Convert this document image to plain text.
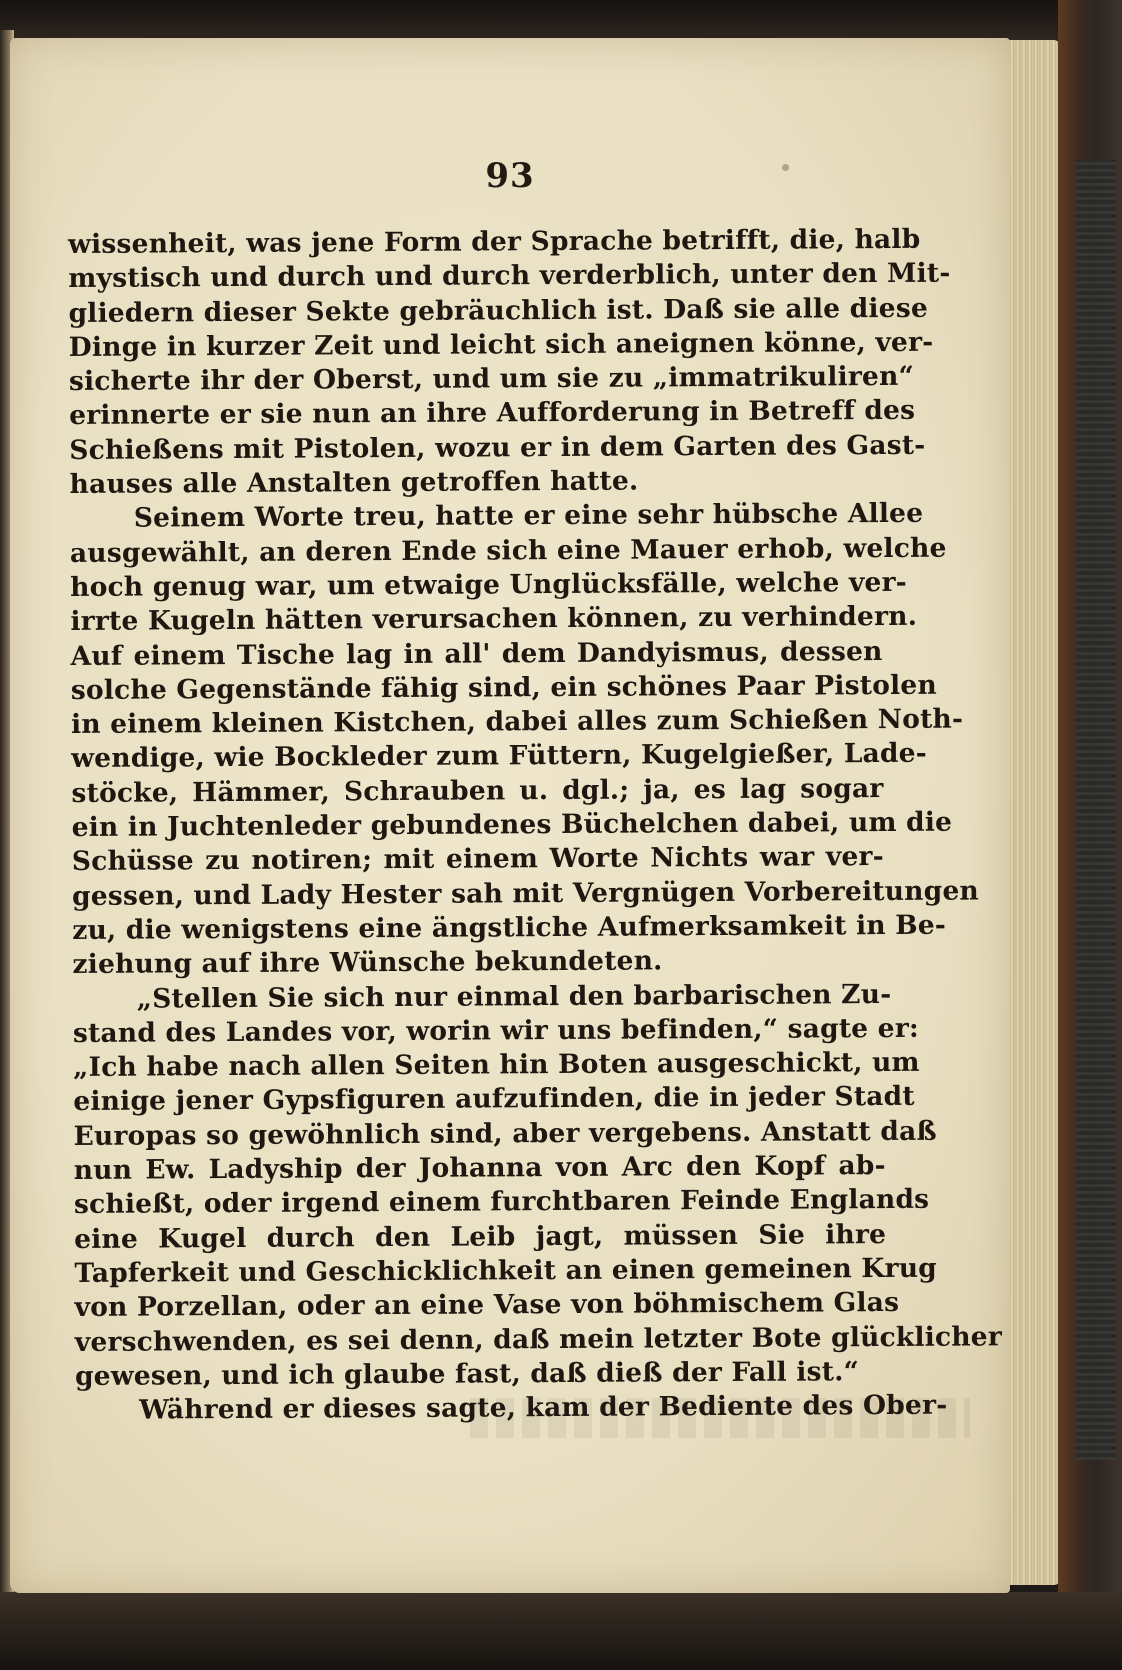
93
wissenheit, was jene Form der Sprache betrifft, die, halb
mystisch und durch und durch verderblich, unter den Mit-
gliedern dieser Sekte gebräuchlich ist. Daß sie alle diese
Dinge in kurzer Zeit und leicht sich aneignen könne, ver-
sicherte ihr der Oberst, und um sie zu „immatrikuliren“
erinnerte er sie nun an ihre Aufforderung in Betreff des
Schießens mit Pistolen, wozu er in dem Garten des Gast-
hauses alle Anstalten getroffen hatte.
Seinem Worte treu, hatte er eine sehr hübsche Allee
ausgewählt, an deren Ende sich eine Mauer erhob, welche
hoch genug war, um etwaige Unglücksfälle, welche ver-
irrte Kugeln hätten verursachen können, zu verhindern.
Auf einem Tische lag in all' dem Dandyismus, dessen
solche Gegenstände fähig sind, ein schönes Paar Pistolen
in einem kleinen Kistchen, dabei alles zum Schießen Noth-
wendige, wie Bockleder zum Füttern, Kugelgießer, Lade-
stöcke, Hämmer, Schrauben u. dgl.; ja, es lag sogar
ein in Juchtenleder gebundenes Büchelchen dabei, um die
Schüsse zu notiren; mit einem Worte Nichts war ver-
gessen, und Lady Hester sah mit Vergnügen Vorbereitungen
zu, die wenigstens eine ängstliche Aufmerksamkeit in Be-
ziehung auf ihre Wünsche bekundeten.
„Stellen Sie sich nur einmal den barbarischen Zu-
stand des Landes vor, worin wir uns befinden,“ sagte er:
„Ich habe nach allen Seiten hin Boten ausgeschickt, um
einige jener Gypsfiguren aufzufinden, die in jeder Stadt
Europas so gewöhnlich sind, aber vergebens. Anstatt daß
nun Ew. Ladyship der Johanna von Arc den Kopf ab-
schießt, oder irgend einem furchtbaren Feinde Englands
eine Kugel durch den Leib jagt, müssen Sie ihre
Tapferkeit und Geschicklichkeit an einen gemeinen Krug
von Porzellan, oder an eine Vase von böhmischem Glas
verschwenden, es sei denn, daß mein letzter Bote glücklicher
gewesen, und ich glaube fast, daß dieß der Fall ist.“
Während er dieses sagte, kam der Bediente des Ober-
